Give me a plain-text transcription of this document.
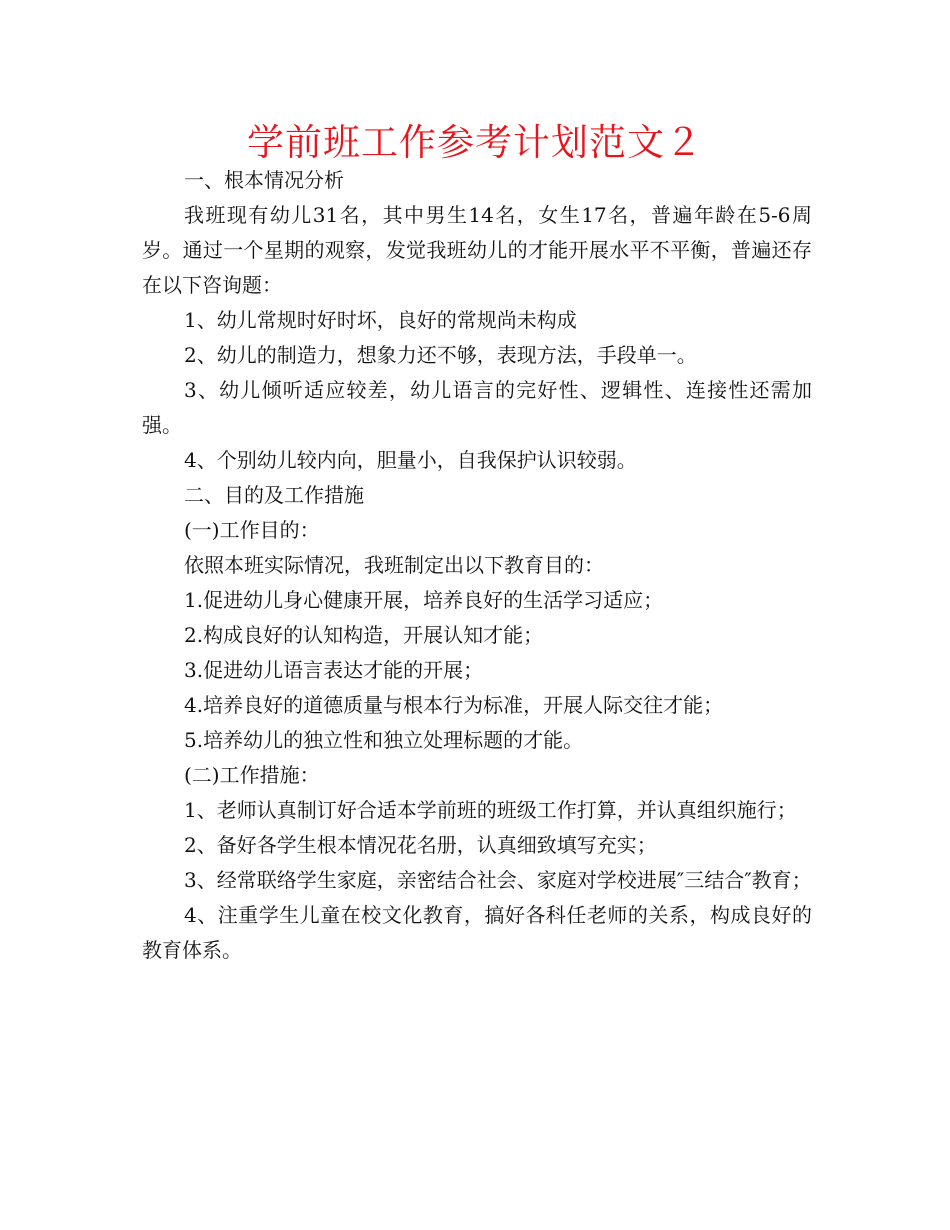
学前班工作参考计划范文２

一、根本情况分析

我班现有幼儿31名，其中男生14名，女生17名，普遍年龄在5-6周岁。通过一个星期的观察，发觉我班幼儿的才能开展水平不平衡，普遍还存在以下咨询题：

1、幼儿常规时好时坏，良好的常规尚未构成

2、幼儿的制造力，想象力还不够，表现方法，手段单一。

3、幼儿倾听适应较差，幼儿语言的完好性、逻辑性、连接性还需加强。

4、个别幼儿较内向，胆量小，自我保护认识较弱。

二、目的及工作措施

(一)工作目的：

依照本班实际情况，我班制定出以下教育目的：

1.促进幼儿身心健康开展，培养良好的生活学习适应；

2.构成良好的认知构造，开展认知才能；

3.促进幼儿语言表达才能的开展；

4.培养良好的道德质量与根本行为标准，开展人际交往才能；

5.培养幼儿的独立性和独立处理标题的才能。

(二)工作措施：

1、老师认真制订好合适本学前班的班级工作打算，并认真组织施行；

2、备好各学生根本情况花名册，认真细致填写充实；

3、经常联络学生家庭，亲密结合社会、家庭对学校进展″三结合″教育；

4、注重学生儿童在校文化教育，搞好各科任老师的关系，构成良好的教育体系。
